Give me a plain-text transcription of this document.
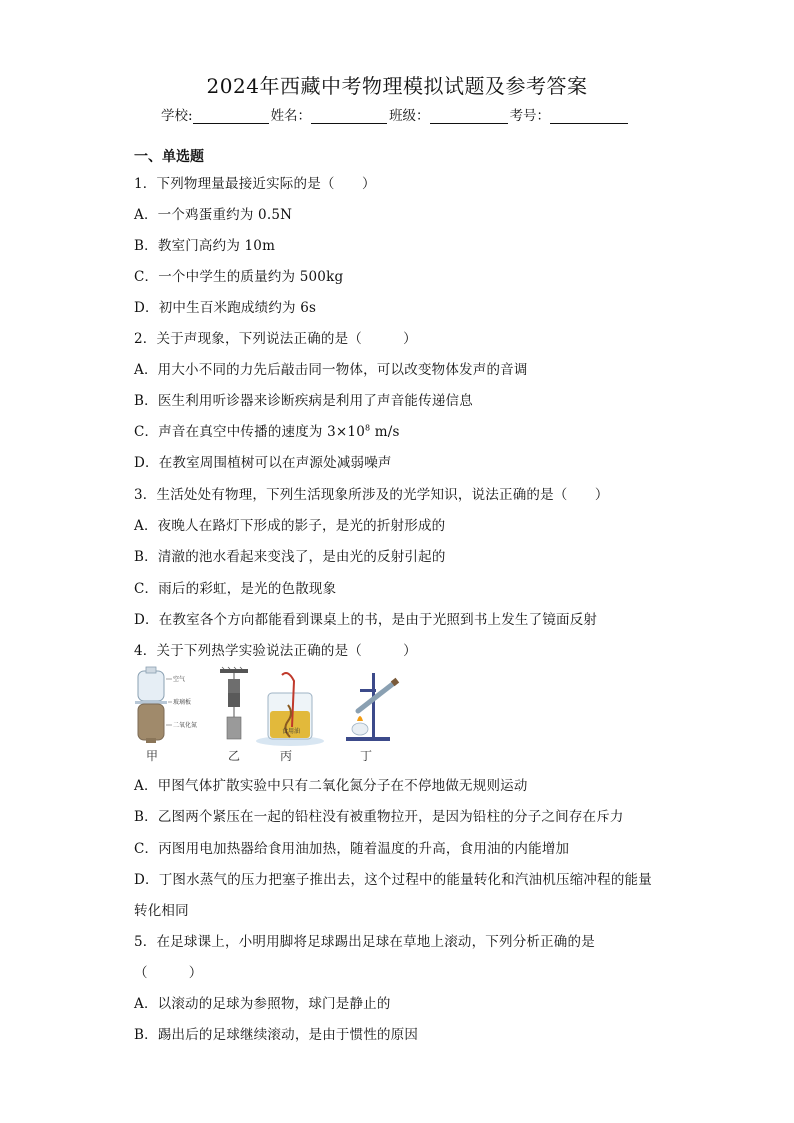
2024年西藏中考物理模拟试题及参考答案
学校:	姓名：	班级：	考号：
一、单选题
1．下列物理量最接近实际的是（　　）
A．一个鸡蛋重约为 0.5N
B．教室门高约为 10m
C．一个中学生的质量约为 500kg
D．初中生百米跑成绩约为 6s
2．关于声现象，下列说法正确的是（　　　）
A．用大小不同的力先后敲击同一物体，可以改变物体发声的音调
B．医生利用听诊器来诊断疾病是利用了声音能传递信息
C．声音在真空中传播的速度为 $3\times 10^8$ m/s
D．在教室周围植树可以在声源处减弱噪声
3．生活处处有物理，下列生活现象所涉及的光学知识，说法正确的是（　　）
A．夜晚人在路灯下形成的影子，是光的折射形成的
B．清澈的池水看起来变浅了，是由光的反射引起的
C．雨后的彩虹，是光的色散现象
D．在教室各个方向都能看到课桌上的书，是由于光照到书上发生了镜面反射
4．关于下列热学实验说法正确的是（　　　）
空气
玻璃板
二氧化氮
甲	乙
食用油
丙	丁
A．甲图气体扩散实验中只有二氧化氮分子在不停地做无规则运动
B．乙图两个紧压在一起的铅柱没有被重物拉开，是因为铅柱的分子之间存在斥力
C．丙图用电加热器给食用油加热，随着温度的升高，食用油的内能增加
D．丁图水蒸气的压力把塞子推出去，这个过程中的能量转化和汽油机压缩冲程的能量
转化相同
5．在足球课上，小明用脚将足球踢出足球在草地上滚动，下列分析正确的是
（　　　）
A．以滚动的足球为参照物，球门是静止的
B．踢出后的足球继续滚动，是由于惯性的原因
